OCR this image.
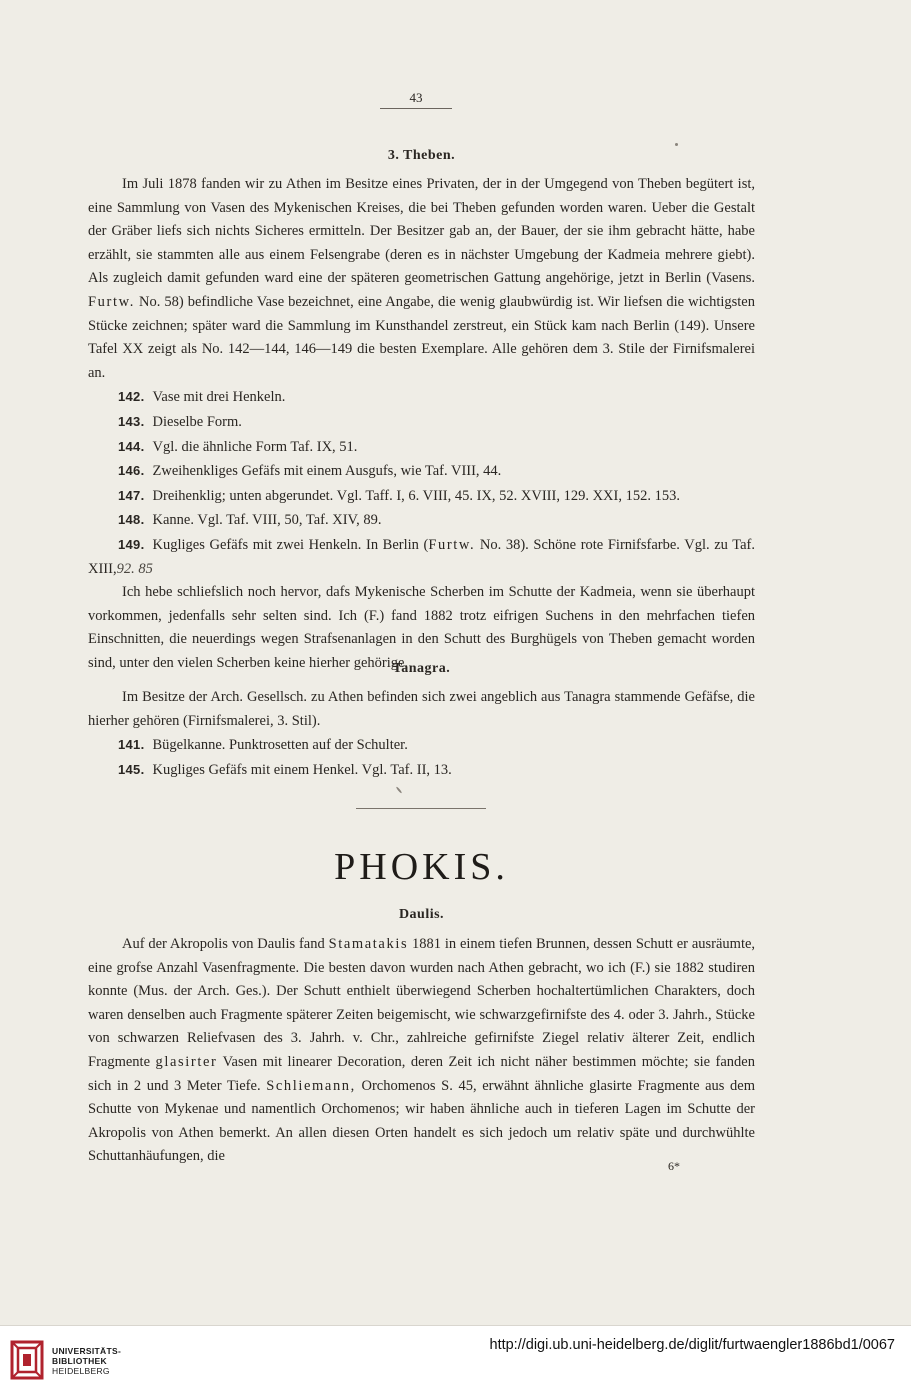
43
3. Theben.

Im Juli 1878 fanden wir zu Athen im Besitze eines Privaten, der in der Umgegend von Theben begütert ist, eine Sammlung von Vasen des Mykenischen Kreises, die bei Theben gefunden worden waren. Ueber die Gestalt der Gräber liefs sich nichts Sicheres ermitteln. Der Besitzer gab an, der Bauer, der sie ihm gebracht hätte, habe erzählt, sie stammten alle aus einem Felsengrabe (deren es in nächster Umgebung der Kadmeia mehrere giebt). Als zugleich damit gefunden ward eine der späteren geometrischen Gattung angehörige, jetzt in Berlin (Vasens. Furtw. No. 58) befindliche Vase bezeichnet, eine Angabe, die wenig glaubwürdig ist. Wir liefsen die wichtigsten Stücke zeichnen; später ward die Sammlung im Kunsthandel zerstreut, ein Stück kam nach Berlin (149). Unsere Tafel XX zeigt als No. 142—144, 146—149 die besten Exemplare. Alle gehören dem 3. Stile der Firnifsmalerei an.

142. Vase mit drei Henkeln.

143. Dieselbe Form.

144. Vgl. die ähnliche Form Taf. IX, 51.

146. Zweihenkliges Gefäfs mit einem Ausgufs, wie Taf. VIII, 44.

147. Dreihenklig; unten abgerundet. Vgl. Taff. I, 6. VIII, 45. IX, 52. XVIII, 129. XXI, 152. 153.

148. Kanne. Vgl. Taf. VIII, 50, Taf. XIV, 89.

149. Kugliges Gefäfs mit zwei Henkeln. In Berlin (Furtw. No. 38). Schöne rote Firnifsfarbe. Vgl. zu Taf. XIII,92. 85

Ich hebe schliefslich noch hervor, dafs Mykenische Scherben im Schutte der Kadmeia, wenn sie überhaupt vorkommen, jedenfalls sehr selten sind. Ich (F.) fand 1882 trotz eifrigen Suchens in den mehrfachen tiefen Einschnitten, die neuerdings wegen Strafsenanlagen in den Schutt des Burghügels von Theben gemacht worden sind, unter den vielen Scherben keine hierher gehörige.

Tanagra.

Im Besitze der Arch. Gesellsch. zu Athen befinden sich zwei angeblich aus Tanagra stammende Gefäfse, die hierher gehören (Firnifsmalerei, 3. Stil).

141. Bügelkanne. Punktrosetten auf der Schulter.

145. Kugliges Gefäfs mit einem Henkel. Vgl. Taf. II, 13.

PHOKIS.
Daulis.

Auf der Akropolis von Daulis fand Stamatakis 1881 in einem tiefen Brunnen, dessen Schutt er ausräumte, eine grofse Anzahl Vasenfragmente. Die besten davon wurden nach Athen gebracht, wo ich (F.) sie 1882 studiren konnte (Mus. der Arch. Ges.). Der Schutt enthielt überwiegend Scherben hochaltertümlichen Charakters, doch waren denselben auch Fragmente späterer Zeiten beigemischt, wie schwarzgefirnifste des 4. oder 3. Jahrh., Stücke von schwarzen Reliefvasen des 3. Jahrh. v. Chr., zahlreiche gefirnifste Ziegel relativ älterer Zeit, endlich Fragmente glasirter Vasen mit linearer Decoration, deren Zeit ich nicht näher bestimmen möchte; sie fanden sich in 2 und 3 Meter Tiefe. Schliemann, Orchomenos S. 45, erwähnt ähnliche glasirte Fragmente aus dem Schutte von Mykenae und namentlich Orchomenos; wir haben ähnliche auch in tieferen Lagen im Schutte der Akropolis von Athen bemerkt. An allen diesen Orten handelt es sich jedoch um relativ späte und durchwühlte Schuttanhäufungen, die

6*
UNIVERSITÄTS-
BIBLIOTHEK
HEIDELBERG
http://digi.ub.uni-heidelberg.de/diglit/furtwaengler1886bd1/0067
